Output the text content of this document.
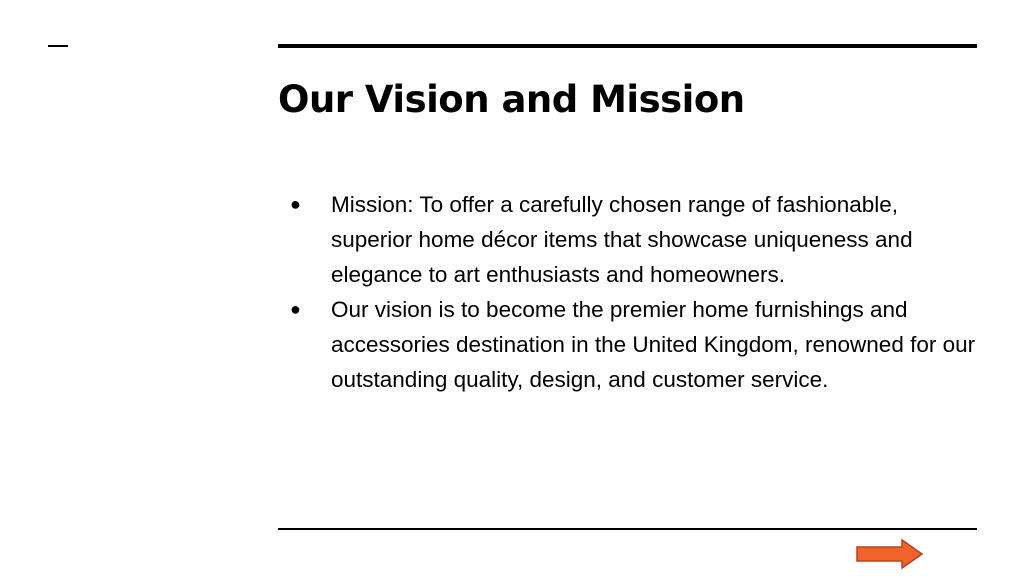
Our Vision and Mission
● Mission: To offer a carefully chosen range of fashionable, superior home décor items that showcase uniqueness and elegance to art enthusiasts and homeowners.
● Our vision is to become the premier home furnishings and accessories destination in the United Kingdom, renowned for our outstanding quality, design, and customer service.
